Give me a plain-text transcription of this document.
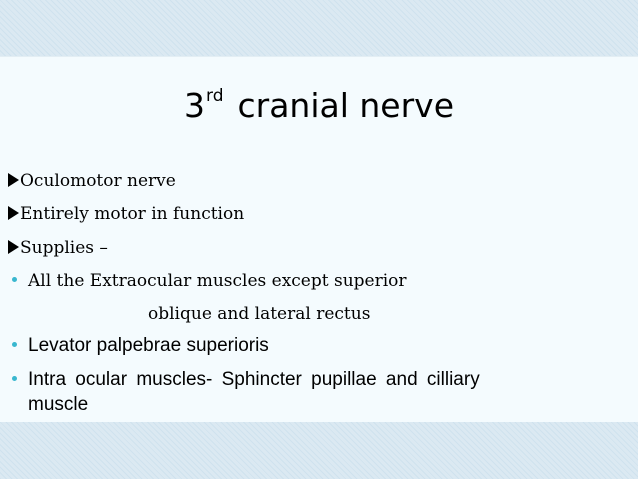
3rd cranial nerve
Oculomotor nerve
Entirely motor in function
Supplies –
All the Extraocular muscles except superior
oblique and lateral rectus
Levator palpebrae superioris
Intra ocular muscles- Sphincter pupillae and cilliary
muscle
